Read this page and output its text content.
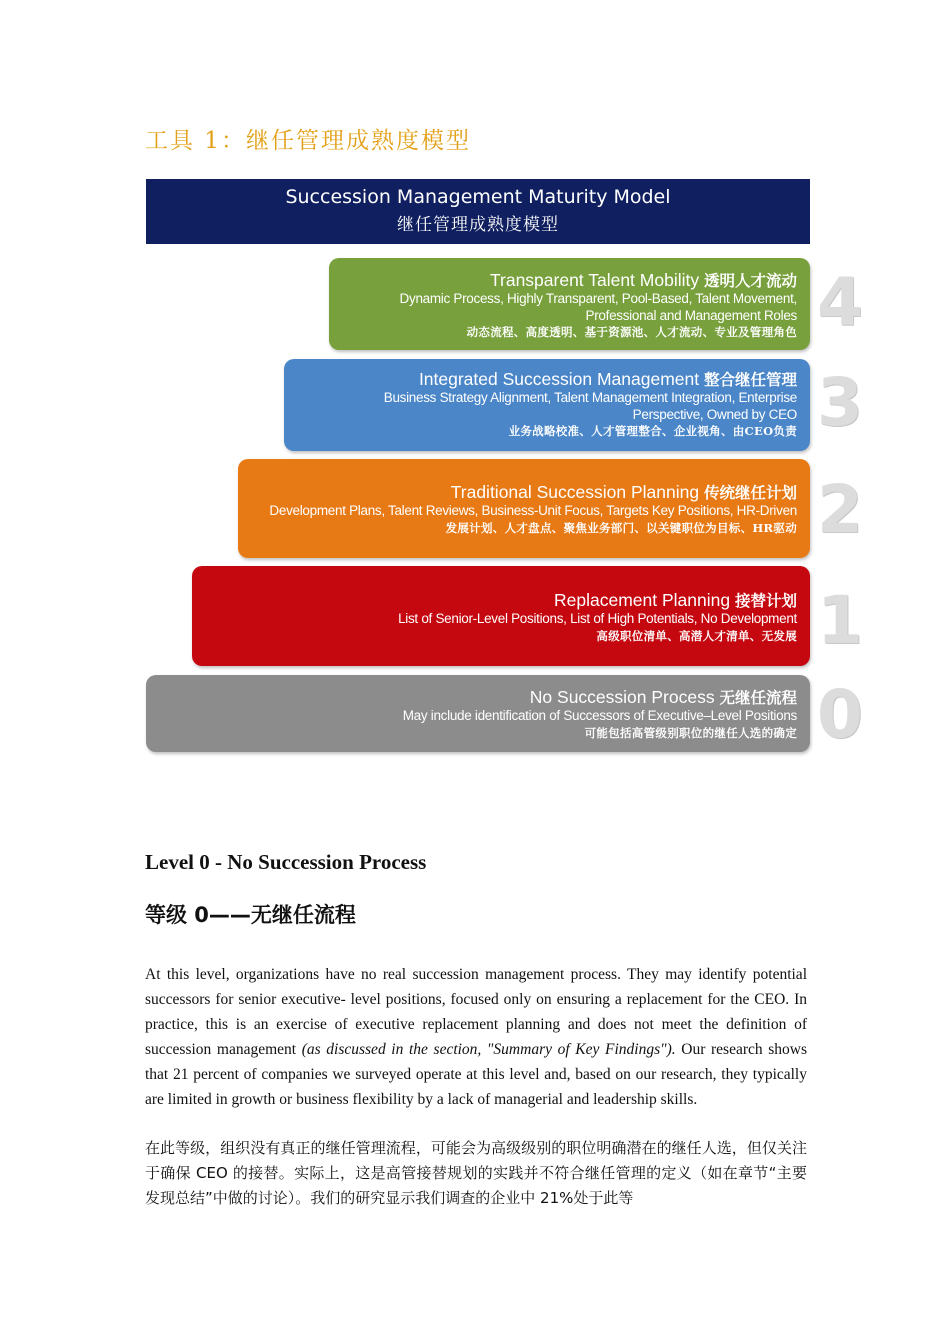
工具 1：继任管理成熟度模型
Succession Management Maturity Model
继任管理成熟度模型
Transparent Talent Mobility 透明人才流动
Dynamic Process, Highly Transparent, Pool-Based, Talent Movement,
Professional and Management Roles
动态流程、高度透明、基于资源池、人才流动、专业及管理角色 4
Integrated Succession Management 整合继任管理
Business Strategy Alignment, Talent Management Integration, Enterprise
Perspective, Owned by CEO
业务战略校准、人才管理整合、企业视角、由CEO负责 3
Traditional Succession Planning 传统继任计划
Development Plans, Talent Reviews, Business-Unit Focus, Targets Key Positions, HR-Driven
发展计划、人才盘点、聚焦业务部门、以关键职位为目标、HR驱动 2
Replacement Planning 接替计划
List of Senior-Level Positions, List of High Potentials, No Development
高级职位清单、高潜人才清单、无发展 1
No Succession Process 无继任流程
May include identification of Successors of Executive–Level Positions
可能包括高管级别职位的继任人选的确定 0
Level 0 - No Succession Process
等级 0——无继任流程
At this level, organizations have no real succession management process. They may identify potential successors for senior executive- level positions, focused only on ensuring a replacement for the CEO. In practice, this is an exercise of executive replacement planning and does not meet the definition of succession management (as discussed in the section, "Summary of Key Findings"). Our research shows that 21 percent of companies we surveyed operate at this level and, based on our research, they typically are limited in growth or business flexibility by a lack of managerial and leadership skills.
在此等级，组织没有真正的继任管理流程，可能会为高级级别的职位明确潜在的继任人选，但仅关注于确保 CEO 的接替。实际上，这是高管接替规划的实践并不符合继任管理的定义（如在章节“主要发现总结”中做的讨论）。我们的研究显示我们调查的企业中 21%处于此等
